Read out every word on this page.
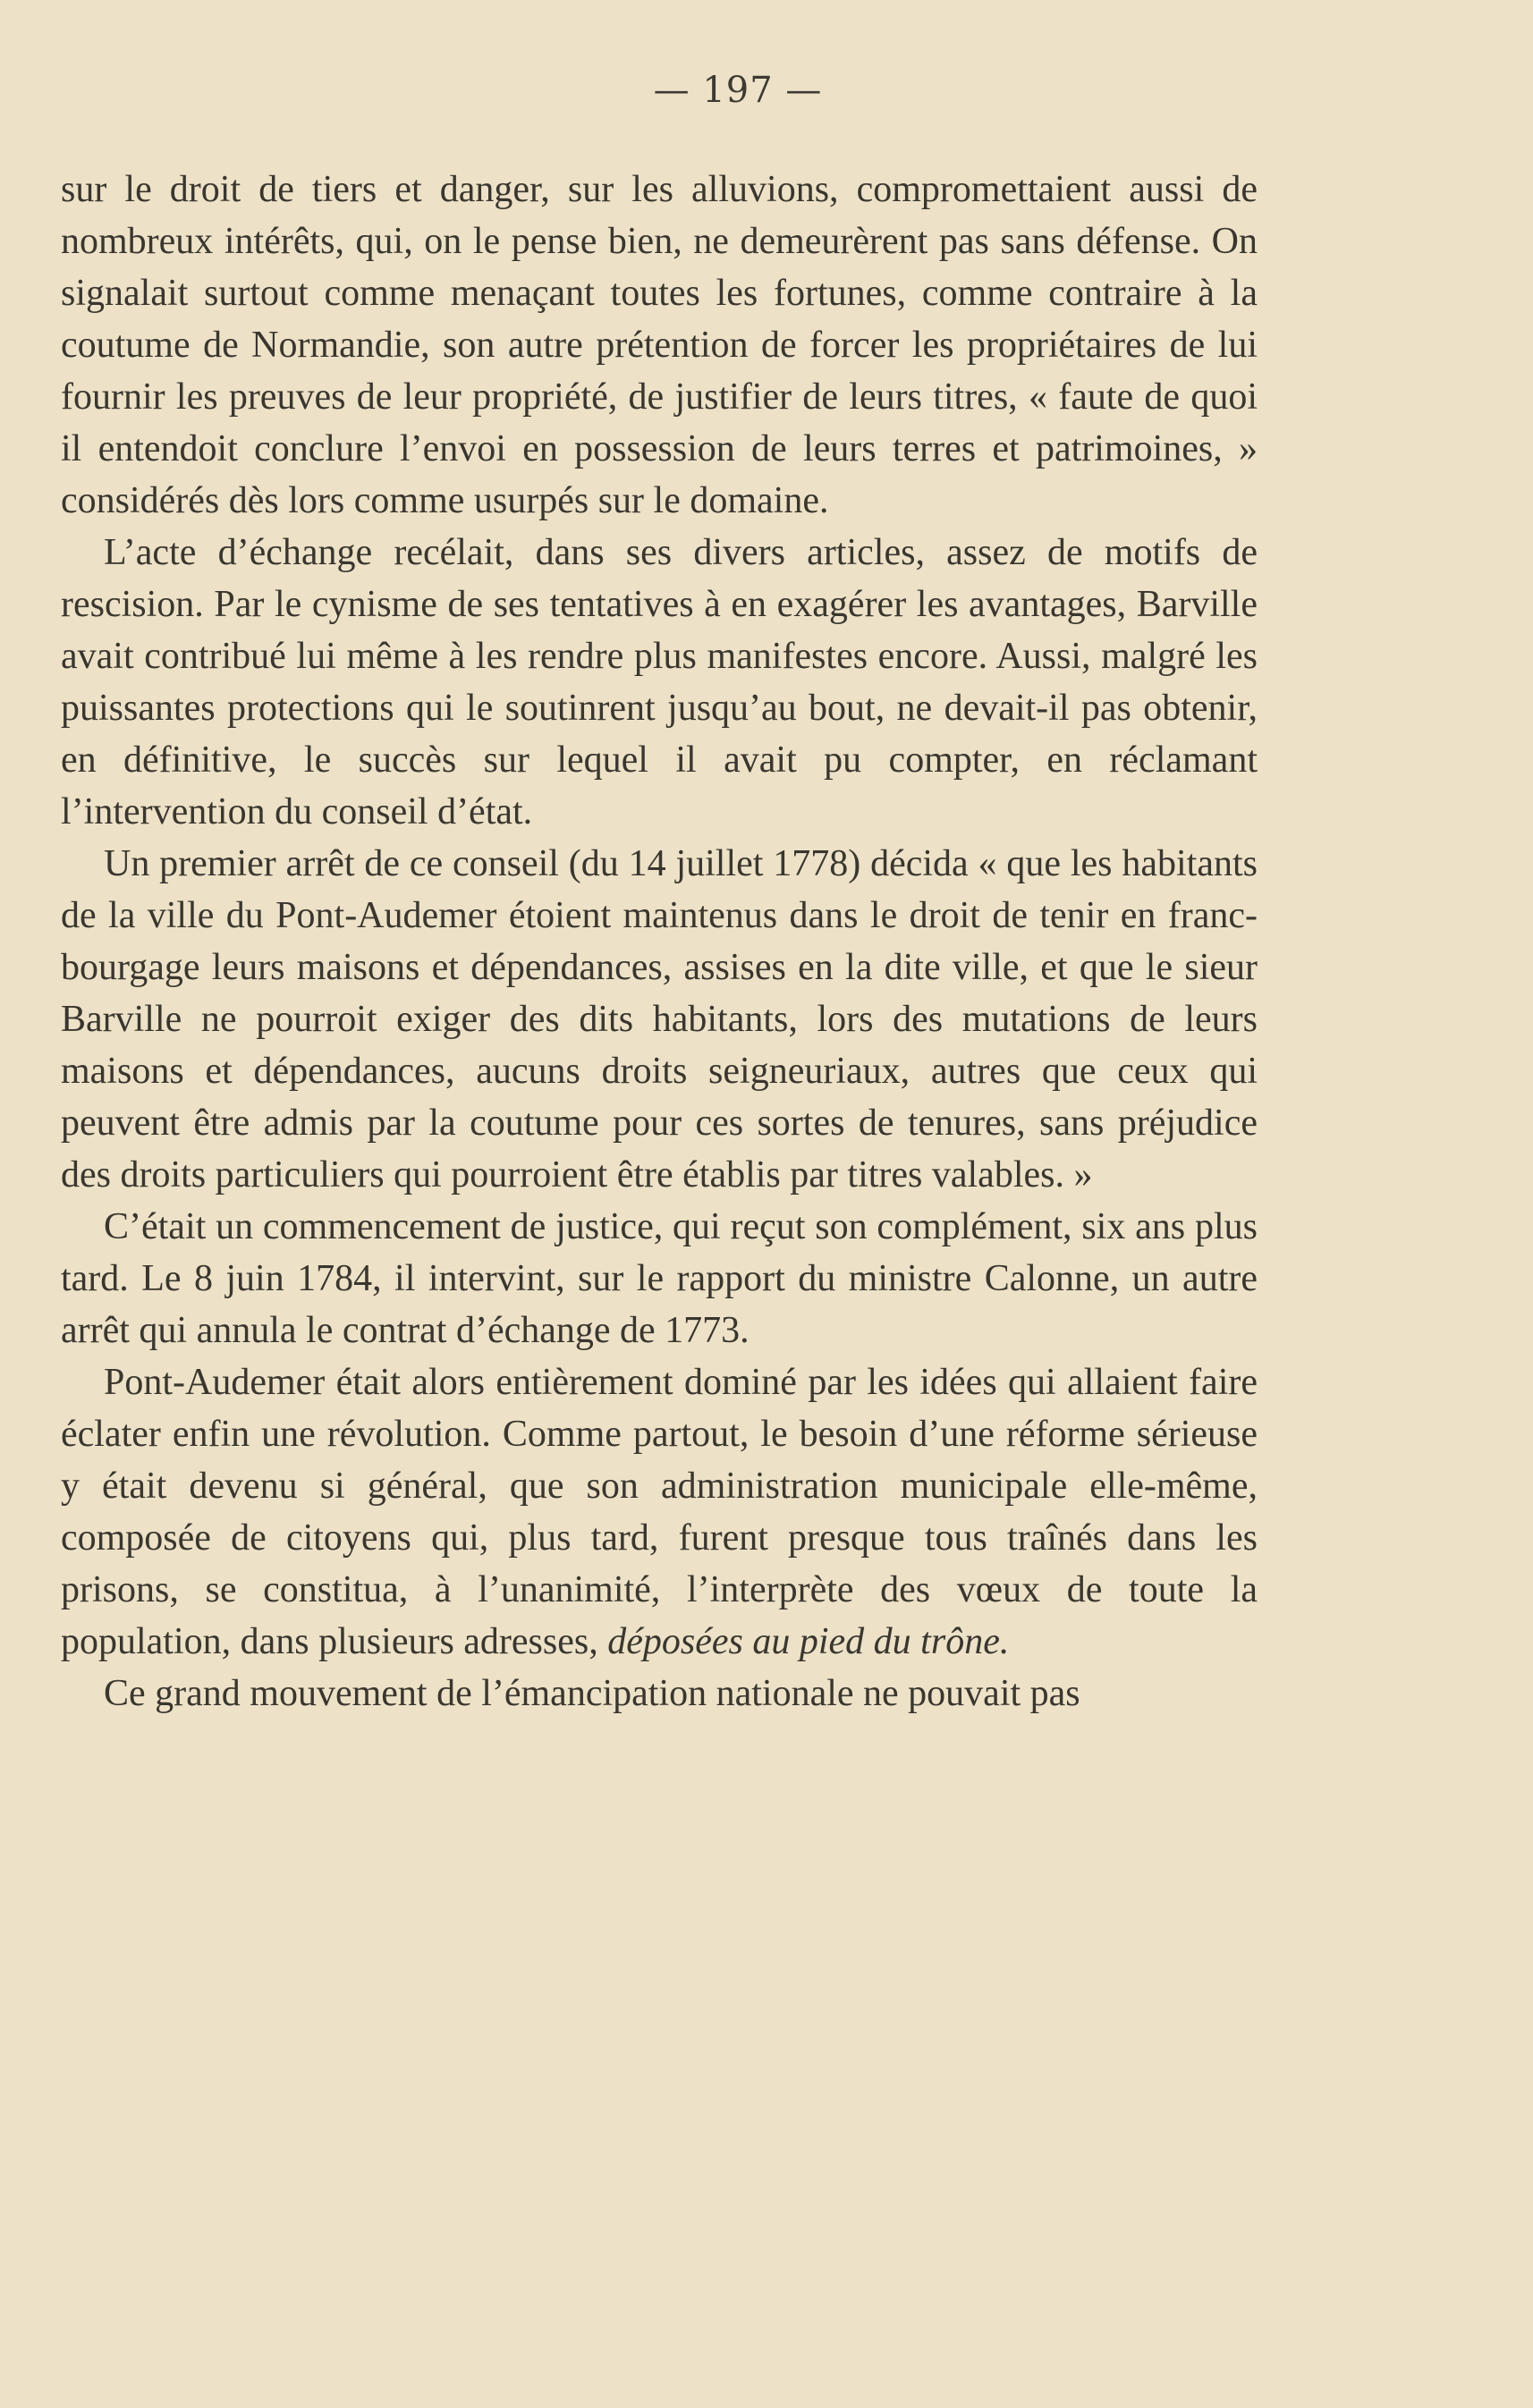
— 197 —

sur le droit de tiers et danger, sur les alluvions, compromettaient aussi de nombreux intérêts, qui, on le pense bien, ne demeurèrent pas sans défense. On signalait surtout comme menaçant toutes les fortunes, comme contraire à la coutume de Normandie, son autre prétention de forcer les propriétaires de lui fournir les preuves de leur propriété, de justifier de leurs titres, « faute de quoi il entendoit conclure l’envoi en possession de leurs terres et patrimoines, » considérés dès lors comme usurpés sur le domaine.

L’acte d’échange recélait, dans ses divers articles, assez de motifs de rescision. Par le cynisme de ses tentatives à en exagérer les avantages, Barville avait contribué lui même à les rendre plus manifestes encore. Aussi, malgré les puissantes protections qui le soutinrent jusqu’au bout, ne devait-il pas obtenir, en définitive, le succès sur lequel il avait pu compter, en réclamant l’intervention du conseil d’état.

Un premier arrêt de ce conseil (du 14 juillet 1778) décida « que les habitants de la ville du Pont-Audemer étoient maintenus dans le droit de tenir en franc-bourgage leurs maisons et dépendances, assises en la dite ville, et que le sieur Barville ne pourroit exiger des dits habitants, lors des mutations de leurs maisons et dépendances, aucuns droits seigneuriaux, autres que ceux qui peuvent être admis par la coutume pour ces sortes de tenures, sans préjudice des droits particuliers qui pourroient être établis par titres valables. »

C’était un commencement de justice, qui reçut son complément, six ans plus tard. Le 8 juin 1784, il intervint, sur le rapport du ministre Calonne, un autre arrêt qui annula le contrat d’échange de 1773.

Pont-Audemer était alors entièrement dominé par les idées qui allaient faire éclater enfin une révolution. Comme partout, le besoin d’une réforme sérieuse y était devenu si général, que son administration municipale elle-même, composée de citoyens qui, plus tard, furent presque tous traînés dans les prisons, se constitua, à l’unanimité, l’interprète des vœux de toute la population, dans plusieurs adresses, déposées au pied du trône.

Ce grand mouvement de l’émancipation nationale ne pouvait pas
